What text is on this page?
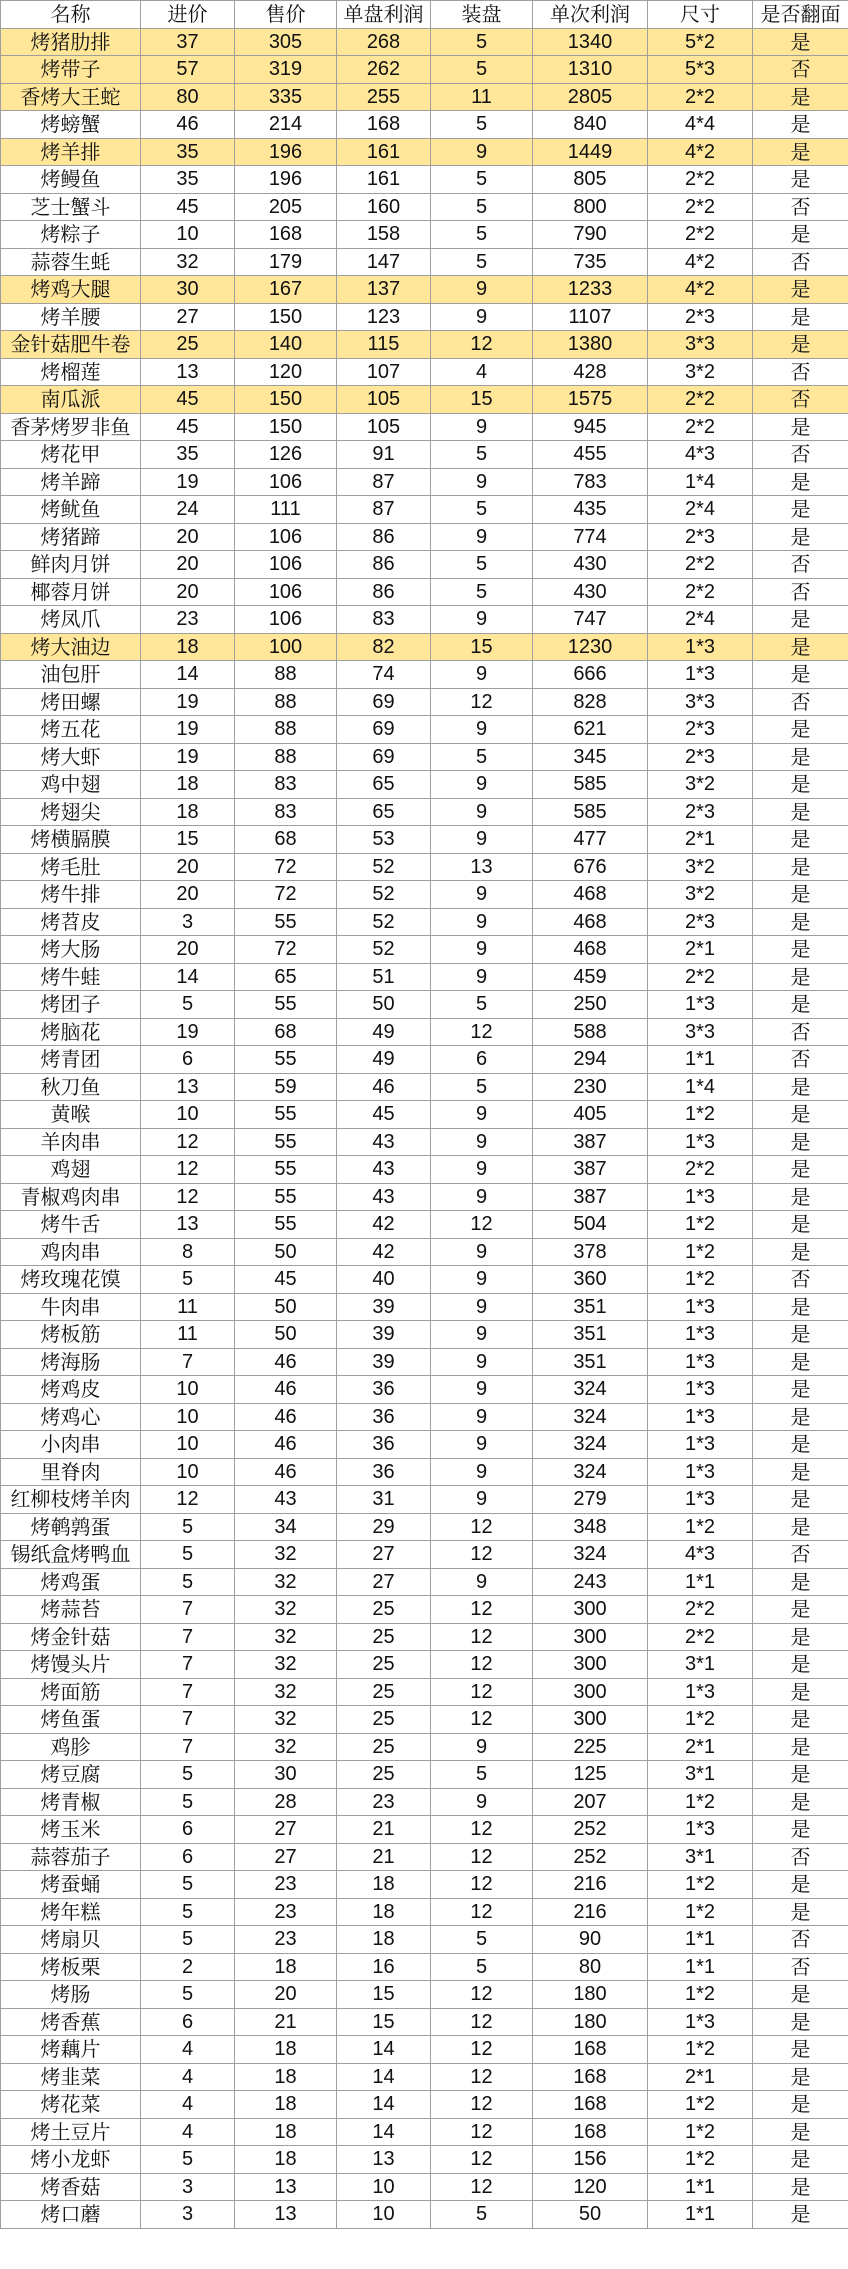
名称	进价	售价	单盘利润	装盘	单次利润	尺寸	是否翻面
烤猪肋排	37	305	268	5	1340	5*2	是
烤带子	57	319	262	5	1310	5*3	否
香烤大王蛇	80	335	255	11	2805	2*2	是
烤螃蟹	46	214	168	5	840	4*4	是
烤羊排	35	196	161	9	1449	4*2	是
烤鳗鱼	35	196	161	5	805	2*2	是
芝士蟹斗	45	205	160	5	800	2*2	否
烤粽子	10	168	158	5	790	2*2	是
蒜蓉生蚝	32	179	147	5	735	4*2	否
烤鸡大腿	30	167	137	9	1233	4*2	是
烤羊腰	27	150	123	9	1107	2*3	是
金针菇肥牛卷	25	140	115	12	1380	3*3	是
烤榴莲	13	120	107	4	428	3*2	否
南瓜派	45	150	105	15	1575	2*2	否
香茅烤罗非鱼	45	150	105	9	945	2*2	是
烤花甲	35	126	91	5	455	4*3	否
烤羊蹄	19	106	87	9	783	1*4	是
烤鱿鱼	24	111	87	5	435	2*4	是
烤猪蹄	20	106	86	9	774	2*3	是
鲜肉月饼	20	106	86	5	430	2*2	否
椰蓉月饼	20	106	86	5	430	2*2	否
烤凤爪	23	106	83	9	747	2*4	是
烤大油边	18	100	82	15	1230	1*3	是
油包肝	14	88	74	9	666	1*3	是
烤田螺	19	88	69	12	828	3*3	否
烤五花	19	88	69	9	621	2*3	是
烤大虾	19	88	69	5	345	2*3	是
鸡中翅	18	83	65	9	585	3*2	是
烤翅尖	18	83	65	9	585	2*3	是
烤横膈膜	15	68	53	9	477	2*1	是
烤毛肚	20	72	52	13	676	3*2	是
烤牛排	20	72	52	9	468	3*2	是
烤苕皮	3	55	52	9	468	2*3	是
烤大肠	20	72	52	9	468	2*1	是
烤牛蛙	14	65	51	9	459	2*2	是
烤团子	5	55	50	5	250	1*3	是
烤脑花	19	68	49	12	588	3*3	否
烤青团	6	55	49	6	294	1*1	否
秋刀鱼	13	59	46	5	230	1*4	是
黄喉	10	55	45	9	405	1*2	是
羊肉串	12	55	43	9	387	1*3	是
鸡翅	12	55	43	9	387	2*2	是
青椒鸡肉串	12	55	43	9	387	1*3	是
烤牛舌	13	55	42	12	504	1*2	是
鸡肉串	8	50	42	9	378	1*2	是
烤玫瑰花馍	5	45	40	9	360	1*2	否
牛肉串	11	50	39	9	351	1*3	是
烤板筋	11	50	39	9	351	1*3	是
烤海肠	7	46	39	9	351	1*3	是
烤鸡皮	10	46	36	9	324	1*3	是
烤鸡心	10	46	36	9	324	1*3	是
小肉串	10	46	36	9	324	1*3	是
里脊肉	10	46	36	9	324	1*3	是
红柳枝烤羊肉	12	43	31	9	279	1*3	是
烤鹌鹑蛋	5	34	29	12	348	1*2	是
锡纸盒烤鸭血	5	32	27	12	324	4*3	否
烤鸡蛋	5	32	27	9	243	1*1	是
烤蒜苔	7	32	25	12	300	2*2	是
烤金针菇	7	32	25	12	300	2*2	是
烤馒头片	7	32	25	12	300	3*1	是
烤面筋	7	32	25	12	300	1*3	是
烤鱼蛋	7	32	25	12	300	1*2	是
鸡胗	7	32	25	9	225	2*1	是
烤豆腐	5	30	25	5	125	3*1	是
烤青椒	5	28	23	9	207	1*2	是
烤玉米	6	27	21	12	252	1*3	是
蒜蓉茄子	6	27	21	12	252	3*1	否
烤蚕蛹	5	23	18	12	216	1*2	是
烤年糕	5	23	18	12	216	1*2	是
烤扇贝	5	23	18	5	90	1*1	否
烤板栗	2	18	16	5	80	1*1	否
烤肠	5	20	15	12	180	1*2	是
烤香蕉	6	21	15	12	180	1*3	是
烤藕片	4	18	14	12	168	1*2	是
烤韭菜	4	18	14	12	168	2*1	是
烤花菜	4	18	14	12	168	1*2	是
烤土豆片	4	18	14	12	168	1*2	是
烤小龙虾	5	18	13	12	156	1*2	是
烤香菇	3	13	10	12	120	1*1	是
烤口蘑	3	13	10	5	50	1*1	是
